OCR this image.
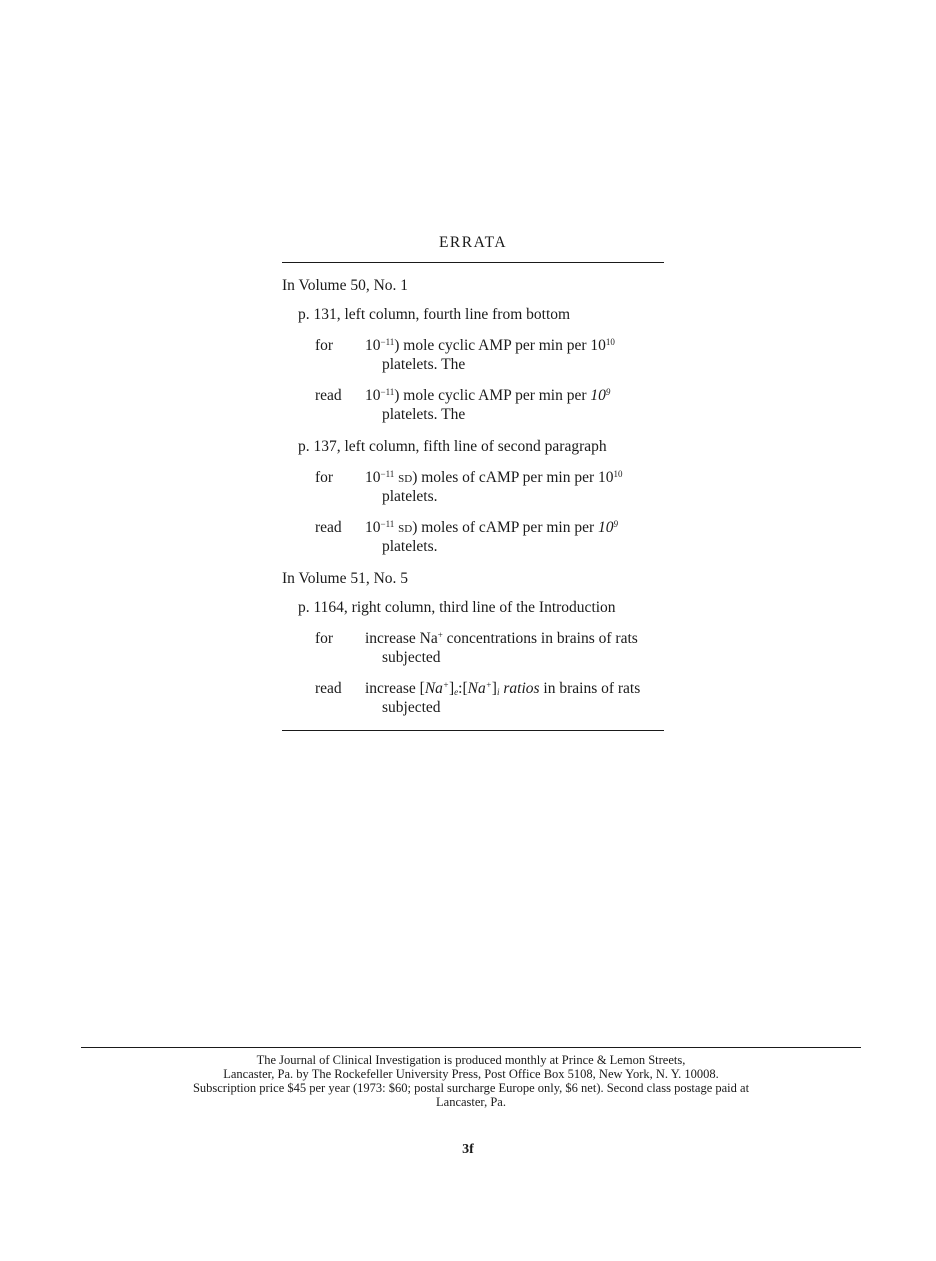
ERRATA
In Volume 50, No. 1
p. 131, left column, fourth line from bottom
for	$10^{-11}$) mole cyclic AMP per min per $10^{10}$ platelets. The
read	$10^{-11}$) mole cyclic AMP per min per $10^9$ platelets. The
p. 137, left column, fifth line of second paragraph
for	$10^{-11}$ sd) moles of cAMP per min per $10^{10}$ platelets.
read	$10^{-11}$ sd) moles of cAMP per min per $10^9$ platelets.
In Volume 51, No. 5
p. 1164, right column, third line of the Introduction
for	increase Na+ concentrations in brains of rats subjected
read	increase $[Na^+]_e:[Na^+]_i$ ratios in brains of rats subjected
The Journal of Clinical Investigation is produced monthly at Prince & Lemon Streets,
Lancaster, Pa. by The Rockefeller University Press, Post Office Box 5108, New York, N. Y. 10008.
Subscription price $45 per year (1973: $60; postal surcharge Europe only, $6 net). Second class postage paid at
Lancaster, Pa.
3f
